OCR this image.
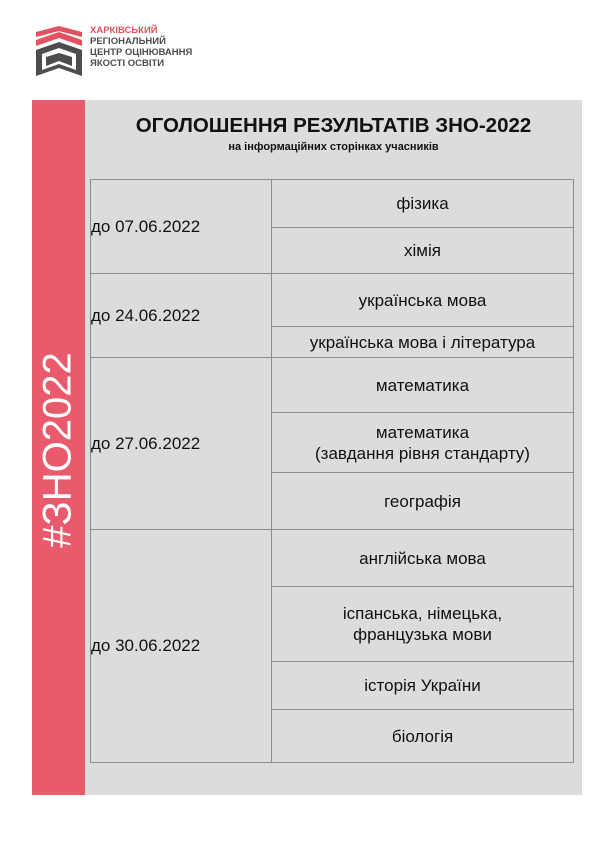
ХАРКІВСЬКИЙ
РЕГІОНАЛЬНИЙ
ЦЕНТР ОЦІНЮВАННЯ
ЯКОСТІ ОСВІТИ
#ЗНО2022
ОГОЛОШЕННЯ РЕЗУЛЬТАТІВ ЗНО-2022
на інформаційних сторінках учасників
до 07.06.2022	фізика
	хімія
до 24.06.2022	українська мова
	українська мова і література
до 27.06.2022	математика
	математика
(завдання рівня стандарту)
	географія
до 30.06.2022	англійська мова
	іспанська, німецька,
французька мови
	історія України
	біологія
